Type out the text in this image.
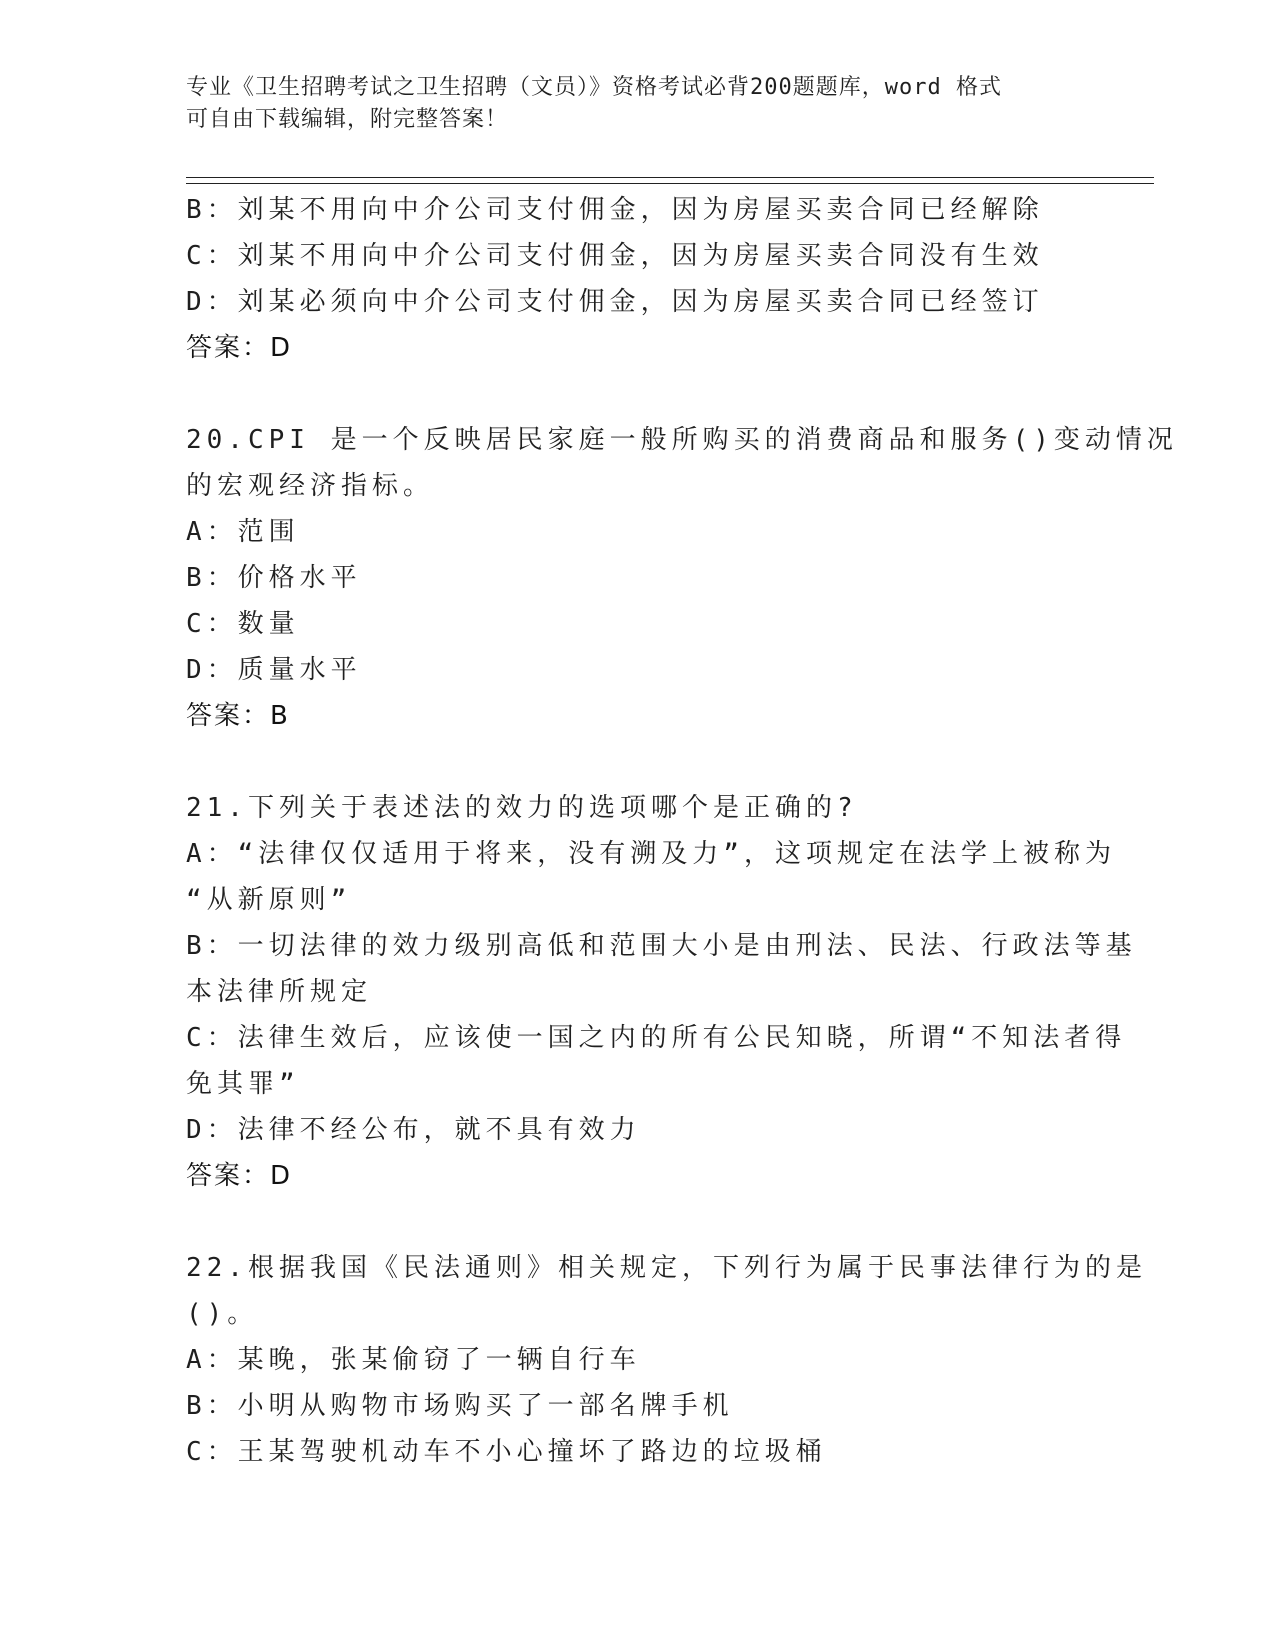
专业《卫生招聘考试之卫生招聘（文员）》资格考试必背200题题库，word 格式
可自由下载编辑，附完整答案！
B：刘某不用向中介公司支付佣金，因为房屋买卖合同已经解除
C：刘某不用向中介公司支付佣金，因为房屋买卖合同没有生效
D：刘某必须向中介公司支付佣金，因为房屋买卖合同已经签订
答案：D
20.CPI 是一个反映居民家庭一般所购买的消费商品和服务()变动情况
的宏观经济指标。
A：范围
B：价格水平
C：数量
D：质量水平
答案：B
21.下列关于表述法的效力的选项哪个是正确的?
A：“法律仅仅适用于将来，没有溯及力”，这项规定在法学上被称为
“从新原则”
B：一切法律的效力级别高低和范围大小是由刑法、民法、行政法等基
本法律所规定
C：法律生效后，应该使一国之内的所有公民知晓，所谓“不知法者得
免其罪”
D：法律不经公布，就不具有效力
答案：D
22.根据我国《民法通则》相关规定，下列行为属于民事法律行为的是
()。
A：某晚，张某偷窃了一辆自行车
B：小明从购物市场购买了一部名牌手机
C：王某驾驶机动车不小心撞坏了路边的垃圾桶
